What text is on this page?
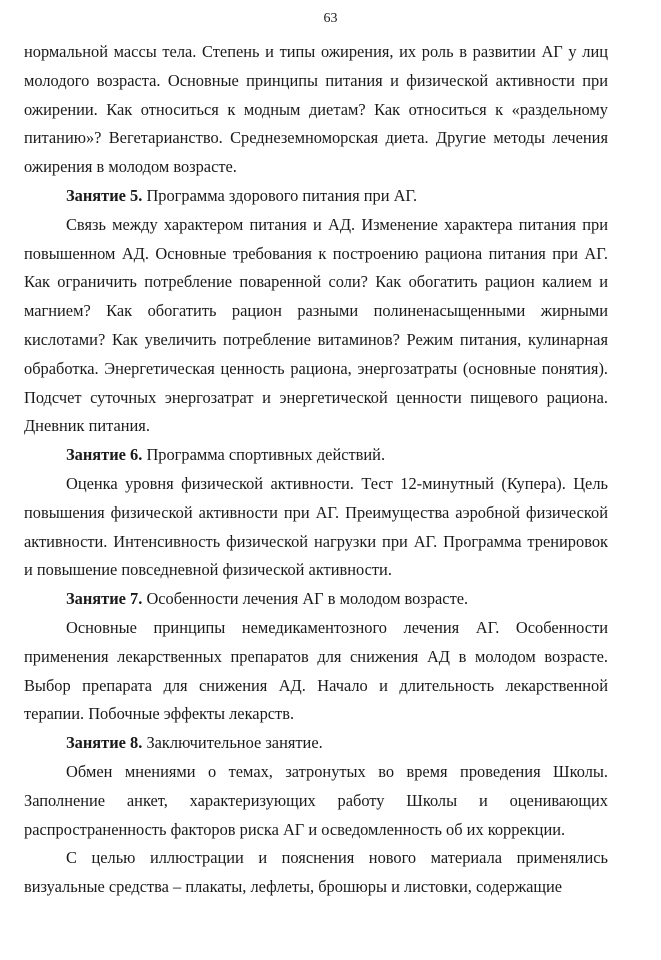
63

нормальной массы тела. Степень и типы ожирения, их роль в развитии АГ у лиц молодого возраста. Основные принципы питания и физической активности при ожирении. Как относиться к модным диетам? Как относиться к «раздельному питанию»? Вегетарианство. Среднеземноморская диета. Другие методы лечения ожирения в молодом возрасте.

Занятие 5. Программа здорового питания при АГ.

Связь между характером питания и АД. Изменение характера питания при повышенном АД. Основные требования к построению рациона питания при АГ. Как ограничить потребление поваренной соли? Как обогатить рацион калием и магнием? Как обогатить рацион разными полиненасыщенными жирными кислотами? Как увеличить потребление витаминов? Режим питания, кулинарная обработка. Энергетическая ценность рациона, энергозатраты (основные понятия). Подсчет суточных энергозатрат и энергетической ценности пищевого рациона. Дневник питания.

Занятие 6. Программа спортивных действий.

Оценка уровня физической активности. Тест 12-минутный (Купера). Цель повышения физической активности при АГ. Преимущества аэробной физической активности. Интенсивность физической нагрузки при АГ. Программа тренировок и повышение повседневной физической активности.

Занятие 7. Особенности лечения АГ в молодом возрасте.

Основные принципы немедикаментозного лечения АГ. Особенности применения лекарственных препаратов для снижения АД в молодом возрасте. Выбор препарата для снижения АД. Начало и длительность лекарственной терапии. Побочные эффекты лекарств.

Занятие 8. Заключительное занятие.

Обмен мнениями о темах, затронутых во время проведения Школы. Заполнение анкет, характеризующих работу Школы и оценивающих распространенность факторов риска АГ и осведомленность об их коррекции.

С целью иллюстрации и пояснения нового материала применялись визуальные средства – плакаты, лефлеты, брошюры и листовки, содержащие
